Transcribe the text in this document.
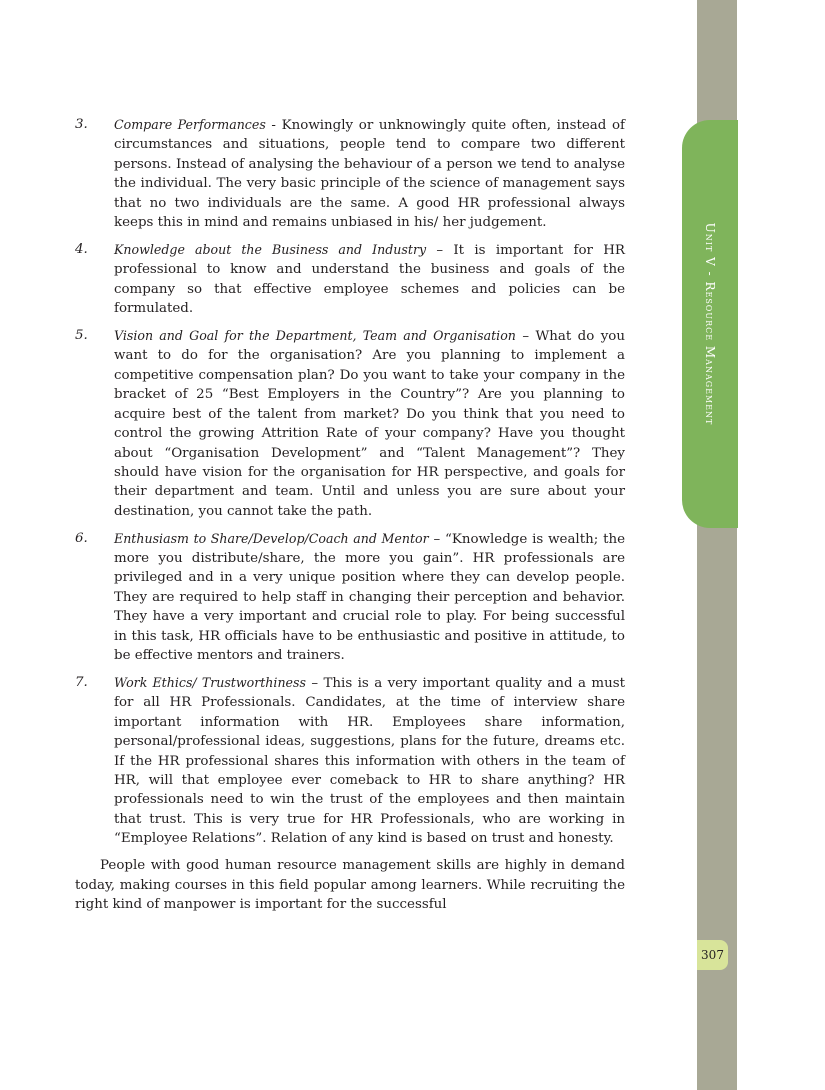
Unit V - Resource Management
307
3. Compare Performances - Knowingly or unknowingly quite often, instead of circumstances and situations, people tend to compare two different persons. Instead of analysing the behaviour of a person we tend to analyse the individual. The very basic principle of the science of management says that no two individuals are the same. A good HR professional always keeps this in mind and remains unbiased in his/ her judgement.
4. Knowledge about the Business and Industry – It is important for HR professional to know and understand the business and goals of the company so that effective employee schemes and policies can be formulated.
5. Vision and Goal for the Department, Team and Organisation – What do you want to do for the organisation? Are you planning to implement a competitive compensation plan? Do you want to take your company in the bracket of 25 “Best Employers in the Country”? Are you planning to acquire best of the talent from market? Do you think that you need to control the growing Attrition Rate of your company? Have you thought about “Organisation Development” and “Talent Management”? They should have vision for the organisation for HR perspective, and goals for their department and team. Until and unless you are sure about your destination, you cannot take the path.
6. Enthusiasm to Share/Develop/Coach and Mentor – “Knowledge is wealth; the more you distribute/share, the more you gain”. HR professionals are privileged and in a very unique position where they can develop people. They are required to help staff in changing their perception and behavior. They have a very important and crucial role to play. For being successful in this task, HR officials have to be enthusiastic and positive in attitude, to be effective mentors and trainers.
7. Work Ethics/ Trustworthiness – This is a very important quality and a must for all HR Professionals. Candidates, at the time of interview share important information with HR. Employees share information, personal/professional ideas, suggestions, plans for the future, dreams etc. If the HR professional shares this information with others in the team of HR, will that employee ever comeback to HR to share anything? HR professionals need to win the trust of the employees and then maintain that trust. This is very true for HR Professionals, who are working in “Employee Relations”. Relation of any kind is based on trust and honesty.

People with good human resource management skills are highly in demand today, making courses in this field popular among learners. While recruiting the right kind of manpower is important for the successful
